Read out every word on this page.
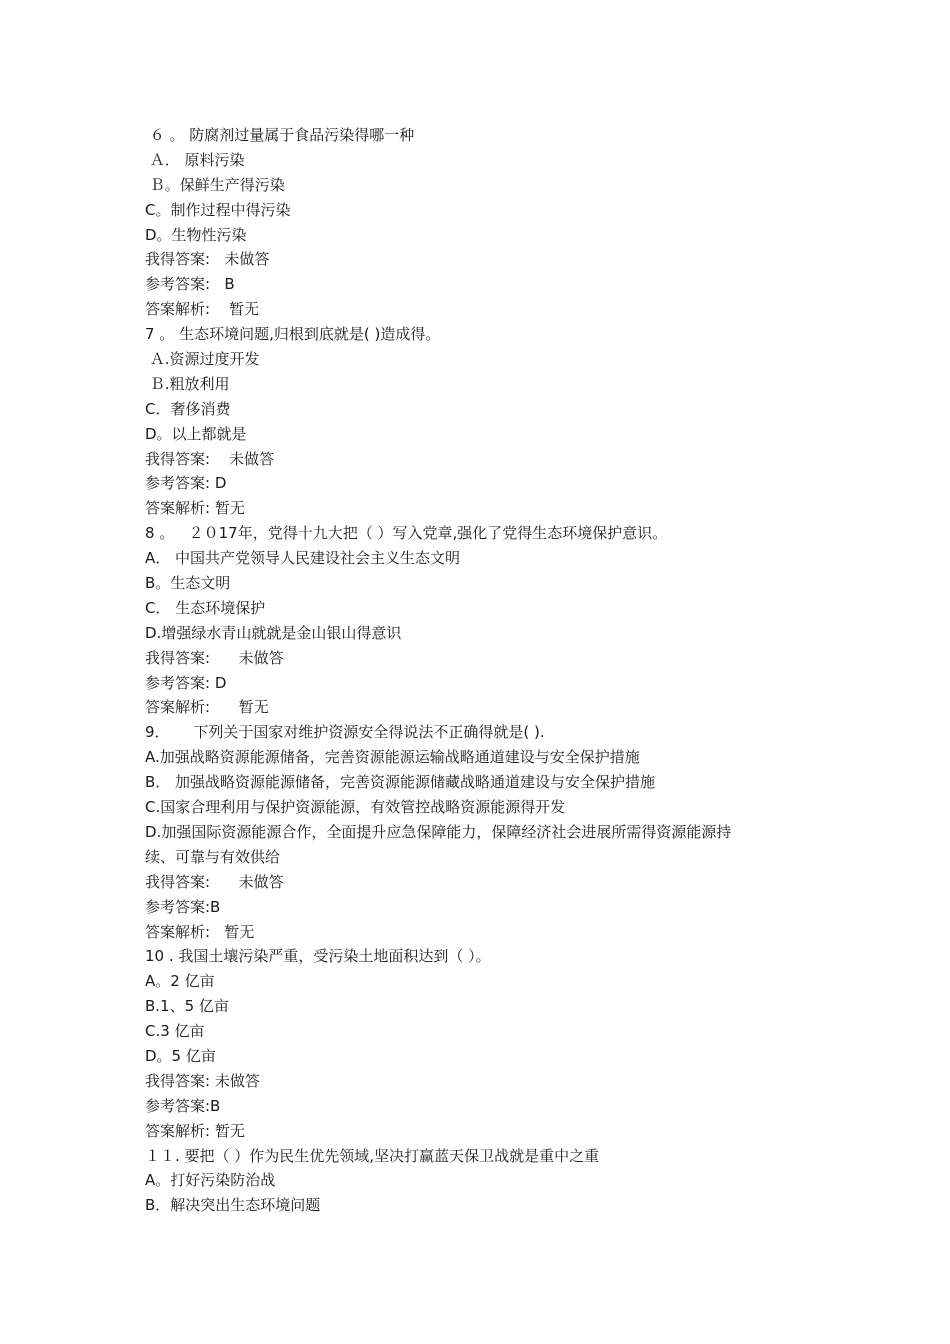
６ 。 防腐剂过量属于食品污染得哪一种
Ａ． 原料污染
Ｂ。保鲜生产得污染
C。制作过程中得污染
D。生物性污染
我得答案:   未做答
参考答案:   B
答案解析:    暂无
7 。 生态环境问题,归根到底就是( )造成得。
Ａ.资源过度开发
Ｂ.粗放利用
C．奢侈消费
D。以上都就是
我得答案:    未做答
参考答案: D
答案解析: 暂无
8 。   ２０17年，党得十九大把（ ）写入党章,强化了党得生态环境保护意识。
A． 中国共产党领导人民建设社会主义生态文明
B。生态文明
C． 生态环境保护
D.增强绿水青山就就是金山银山得意识
我得答案:      未做答
参考答案: D
答案解析:      暂无
9．     下列关于国家对维护资源安全得说法不正确得就是( ).
A.加强战略资源能源储备，完善资源能源运输战略通道建设与安全保护措施
B． 加强战略资源能源储备，完善资源能源储藏战略通道建设与安全保护措施
C.国家合理利用与保护资源能源，有效管控战略资源能源得开发
D.加强国际资源能源合作，全面提升应急保障能力，保障经济社会进展所需得资源能源持
续、可靠与有效供给
我得答案:      未做答
参考答案:B
答案解析:   暂无
10 . 我国土壤污染严重，受污染土地面积达到（ ）。
A。2 亿亩
B.1、5 亿亩
C.3 亿亩
D。5 亿亩
我得答案: 未做答
参考答案:B
答案解析: 暂无
１１. 要把（ ）作为民生优先领域,坚决打赢蓝天保卫战就是重中之重
A。打好污染防治战
B．解决突出生态环境问题
